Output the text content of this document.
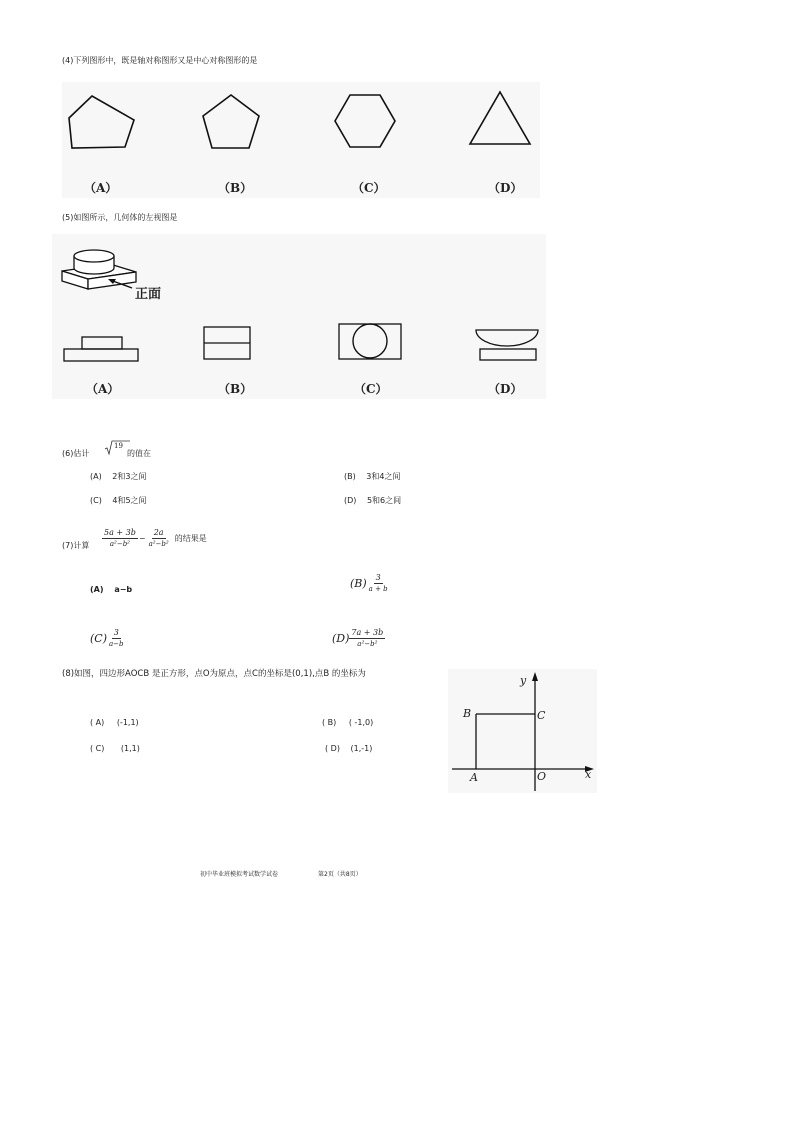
(4)下列图形中，既是轴对称图形又是中心对称图形的是
（A）	（B）	（C）	（D）
(5)如图所示，几何体的左视图是
正面
（A）	（B）	（C）	（D）
(6)估计
19
的值在
(A) 2和3之间	(B) 3和4之间
(C) 4和5之间	(D) 5和6之间
(7)计算 $\frac{5a + 3b}{\text{a²−b²}} - \frac{2a}{\text{a²−b²}}$ 的结果是
(A) a−b	$(B) \frac{3}{a + b}$
$(C) \frac{3}{a-b}$	$(D) \frac{7a + 3b}{\text{a²−b²}}$
(8)如图，四边形AOCB 是正方形，点O为原点，点C的坐标是(0,1),点B 的坐标为
( A) (-1,1)	( B) ( -1,0)
( C) (1,1)	( D) (1,-1)
y
x
B	C
A	O
初中毕业班模拟考试数学试卷	第2页（共8页）
